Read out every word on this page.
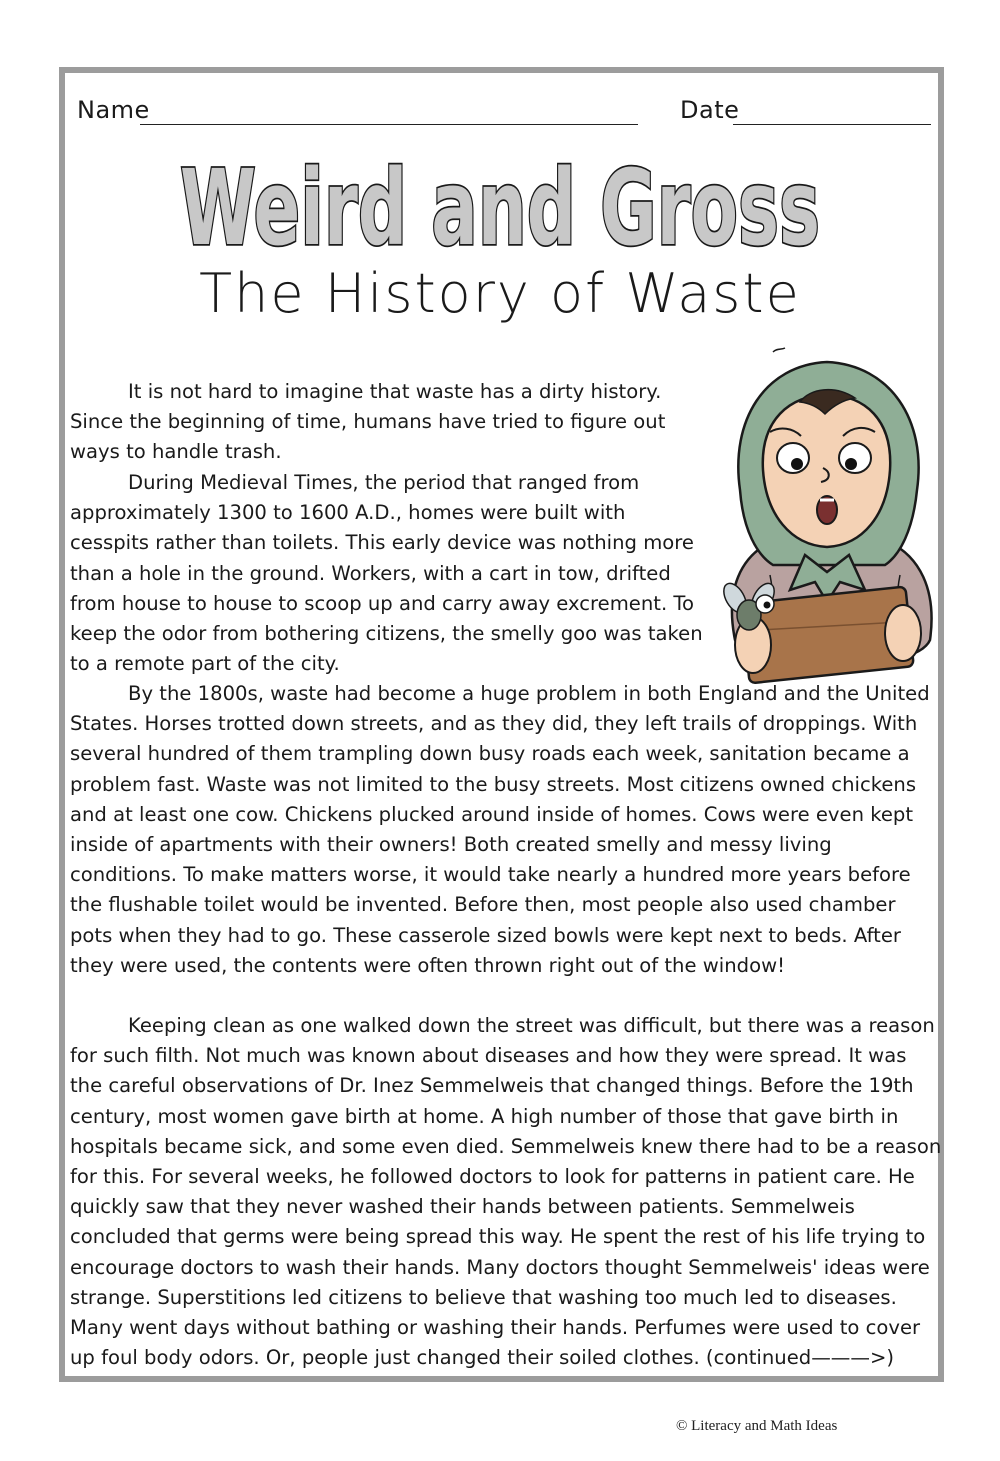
Name	Date
Weird and Gross
The History of Waste

It is not hard to imagine that waste has a dirty history. Since the beginning of time, humans have tried to figure out ways to handle trash.

During Medieval Times, the period that ranged from approximately 1300 to 1600 A.D., homes were built with cesspits rather than toilets. This early device was nothing more than a hole in the ground. Workers, with a cart in tow, drifted from house to house to scoop up and carry away excrement. To keep the odor from bothering citizens, the smelly goo was taken to a remote part of the city.

By the 1800s, waste had become a huge problem in both England and the United States. Horses trotted down streets, and as they did, they left trails of droppings. With several hundred of them trampling down busy roads each week, sanitation became a problem fast. Waste was not limited to the busy streets. Most citizens owned chickens and at least one cow. Chickens plucked around inside of homes. Cows were even kept inside of apartments with their owners! Both created smelly and messy living conditions. To make matters worse, it would take nearly a hundred more years before the flushable toilet would be invented. Before then, most people also used chamber pots when they had to go. These casserole sized bowls were kept next to beds. After they were used, the contents were often thrown right out of the window!

Keeping clean as one walked down the street was difficult, but there was a reason for such filth. Not much was known about diseases and how they were spread. It was the careful observations of Dr. Inez Semmelweis that changed things. Before the 19th century, most women gave birth at home. A high number of those that gave birth in hospitals became sick, and some even died. Semmelweis knew there had to be a reason for this. For several weeks, he followed doctors to look for patterns in patient care. He quickly saw that they never washed their hands between patients. Semmelweis concluded that germs were being spread this way. He spent the rest of his life trying to encourage doctors to wash their hands. Many doctors thought Semmelweis' ideas were strange. Superstitions led citizens to believe that washing too much led to diseases. Many went days without bathing or washing their hands. Perfumes were used to cover up foul body odors. Or, people just changed their soiled clothes. (continued———>)

© Literacy and Math Ideas
